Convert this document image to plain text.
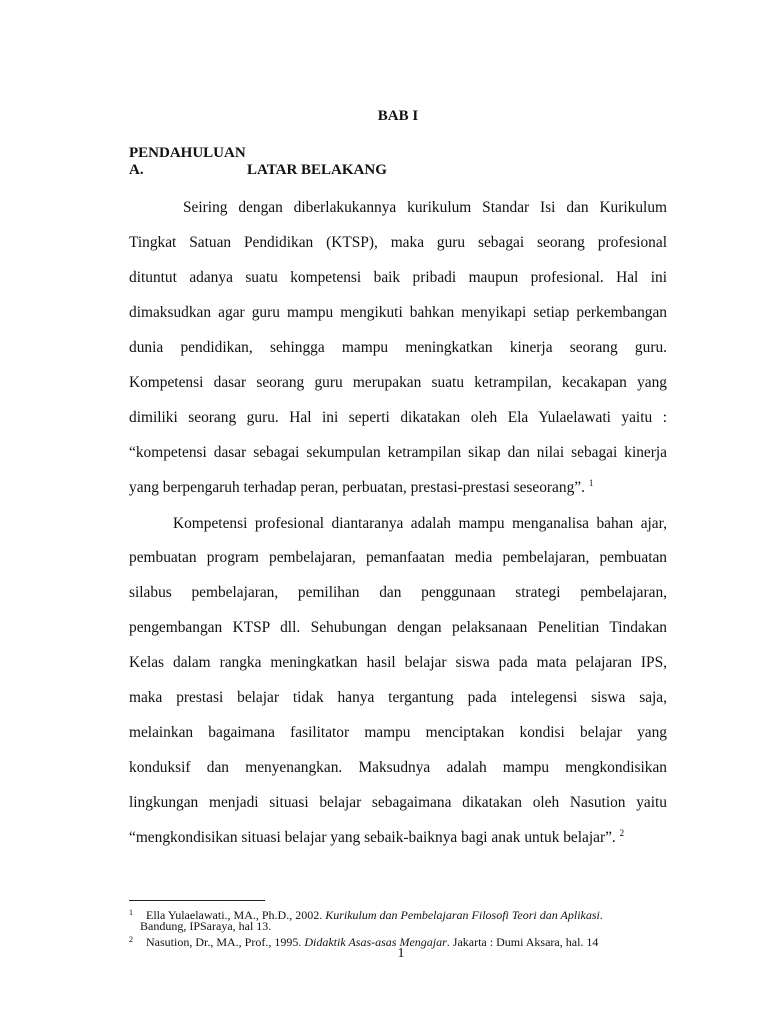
BAB I
PENDAHULUAN
A.	LATAR BELAKANG
Seiring dengan diberlakukannya kurikulum Standar Isi dan Kurikulum
Tingkat Satuan Pendidikan (KTSP), maka guru sebagai seorang profesional
dituntut adanya suatu kompetensi baik pribadi maupun profesional. Hal ini
dimaksudkan agar guru mampu mengikuti bahkan menyikapi setiap perkembangan
dunia pendidikan, sehingga mampu meningkatkan kinerja seorang guru.
Kompetensi dasar seorang guru merupakan suatu ketrampilan, kecakapan yang
dimiliki seorang guru. Hal ini seperti dikatakan oleh Ela Yulaelawati yaitu :
“kompetensi dasar sebagai sekumpulan ketrampilan sikap dan nilai sebagai kinerja
yang berpengaruh terhadap peran, perbuatan, prestasi-prestasi seseorang”. $^1$
Kompetensi profesional diantaranya adalah mampu menganalisa bahan ajar,
pembuatan program pembelajaran, pemanfaatan media pembelajaran, pembuatan
silabus pembelajaran, pemilihan dan penggunaan strategi pembelajaran,
pengembangan KTSP dll. Sehubungan dengan pelaksanaan Penelitian Tindakan
Kelas dalam rangka meningkatkan hasil belajar siswa pada mata pelajaran IPS,
maka prestasi belajar tidak hanya tergantung pada intelegensi siswa saja,
melainkan bagaimana fasilitator mampu menciptakan kondisi belajar yang
konduksif dan menyenangkan. Maksudnya adalah mampu mengkondisikan
lingkungan menjadi situasi belajar sebagaimana dikatakan oleh Nasution yaitu
“mengkondisikan situasi belajar yang sebaik-baiknya bagi anak untuk belajar”. $^2$
1 Ella Yulaelawati., MA., Ph.D., 2002. Kurikulum dan Pembelajaran Filosofi Teori dan Aplikasi.
Bandung, IPSaraya, hal 13.
2 Nasution, Dr., MA., Prof., 1995. Didaktik Asas-asas Mengajar. Jakarta : Dumi Aksara, hal. 14
1
